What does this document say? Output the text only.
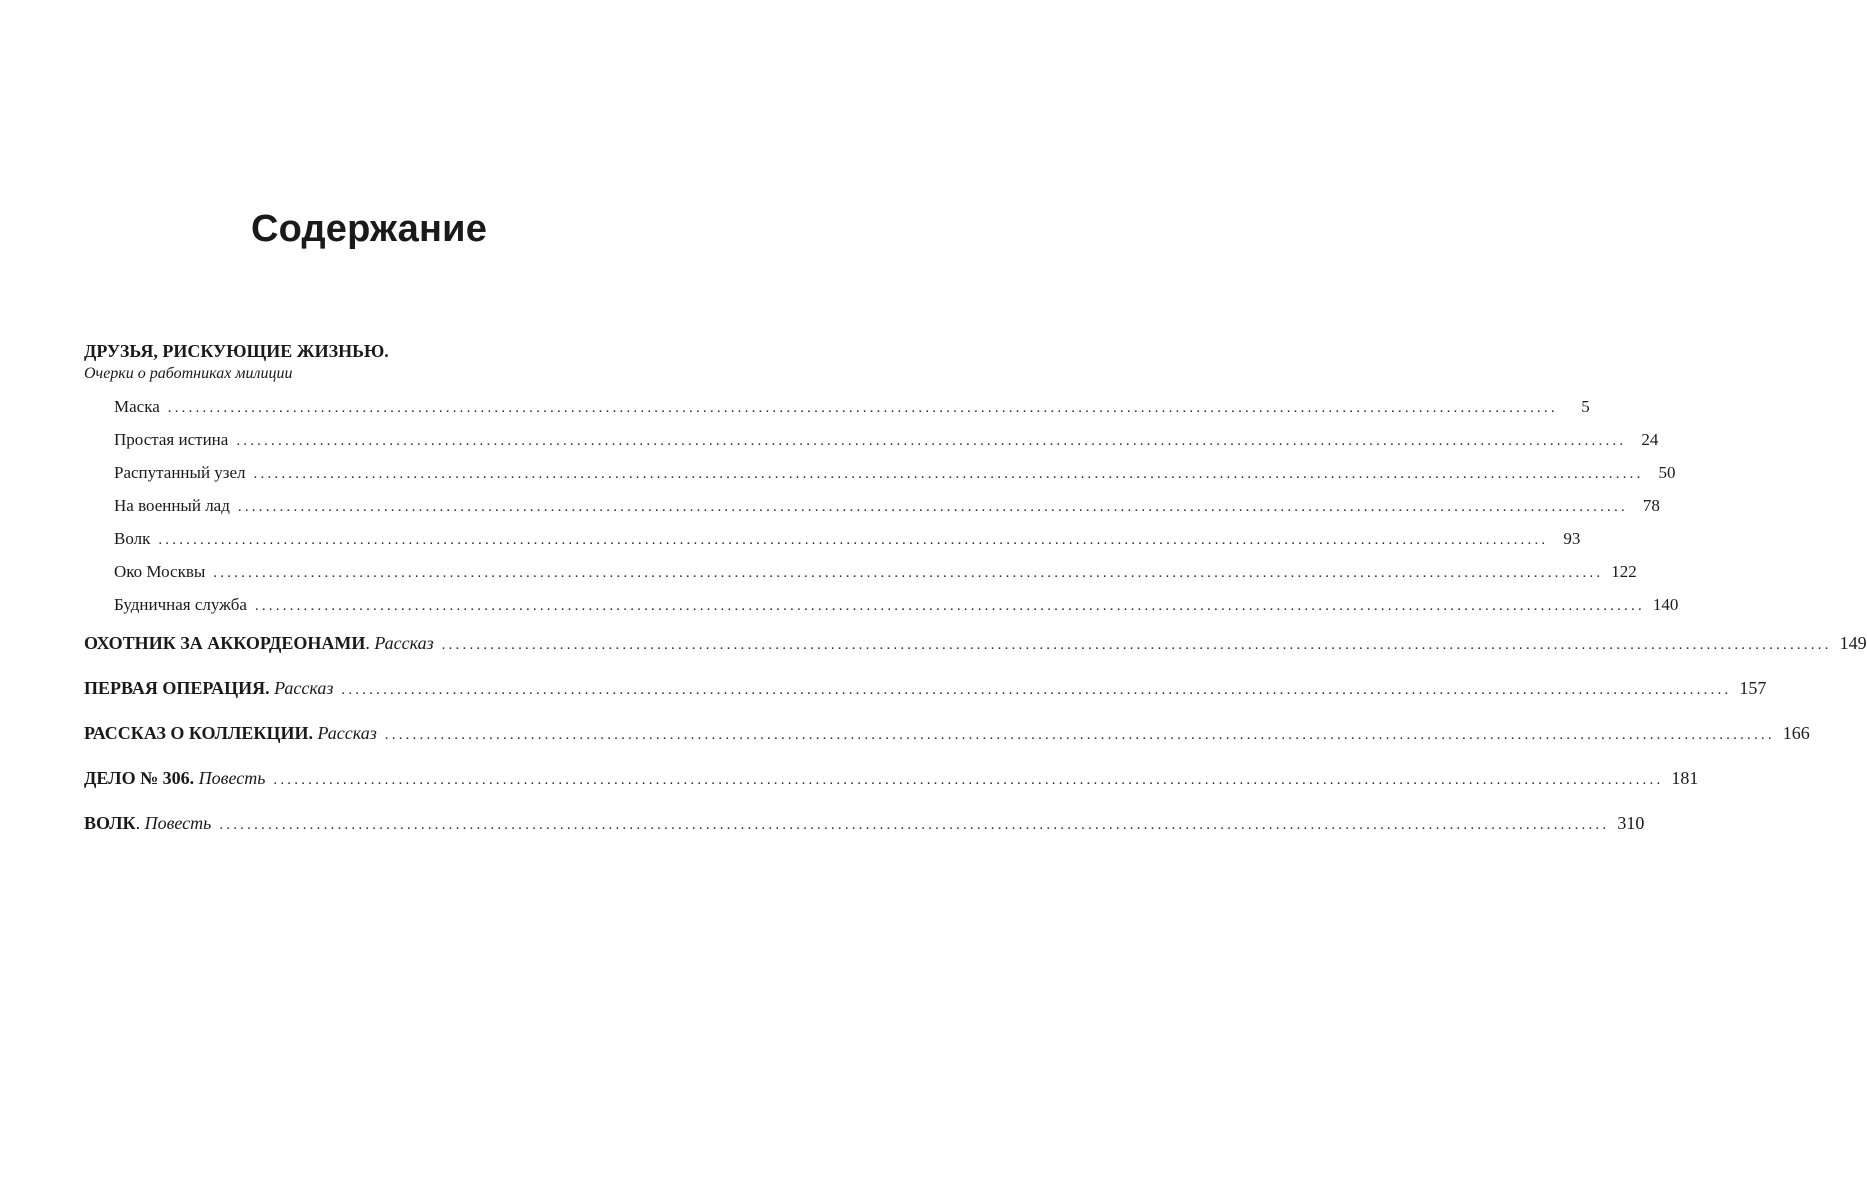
Содержание
ДРУЗЬЯ, РИСКУЮЩИЕ ЖИЗНЬЮ.
Очерки о работниках милиции
Маска ........................................................................................................................................................................................................	5
Простая истина ........................................................................................................................................................................................................ 24
Распутанный узел ........................................................................................................................................................................................................ 50
На военный лад ........................................................................................................................................................................................................ 78
Волк ........................................................................................................................................................................................................ 93
Око Москвы ........................................................................................................................................................................................................ 122
Будничная служба ........................................................................................................................................................................................................ 140
ОХОТНИК ЗА АККОРДЕОНАМИ. Рассказ ........................................................................................................................................................................................................ 149
ПЕРВАЯ ОПЕРАЦИЯ. Рассказ ........................................................................................................................................................................................................ 157
РАССКАЗ О КОЛЛЕКЦИИ. Рассказ ........................................................................................................................................................................................................ 166
ДЕЛО № 306. Повесть ........................................................................................................................................................................................................ 181
ВОЛК. Повесть ........................................................................................................................................................................................................ 310
